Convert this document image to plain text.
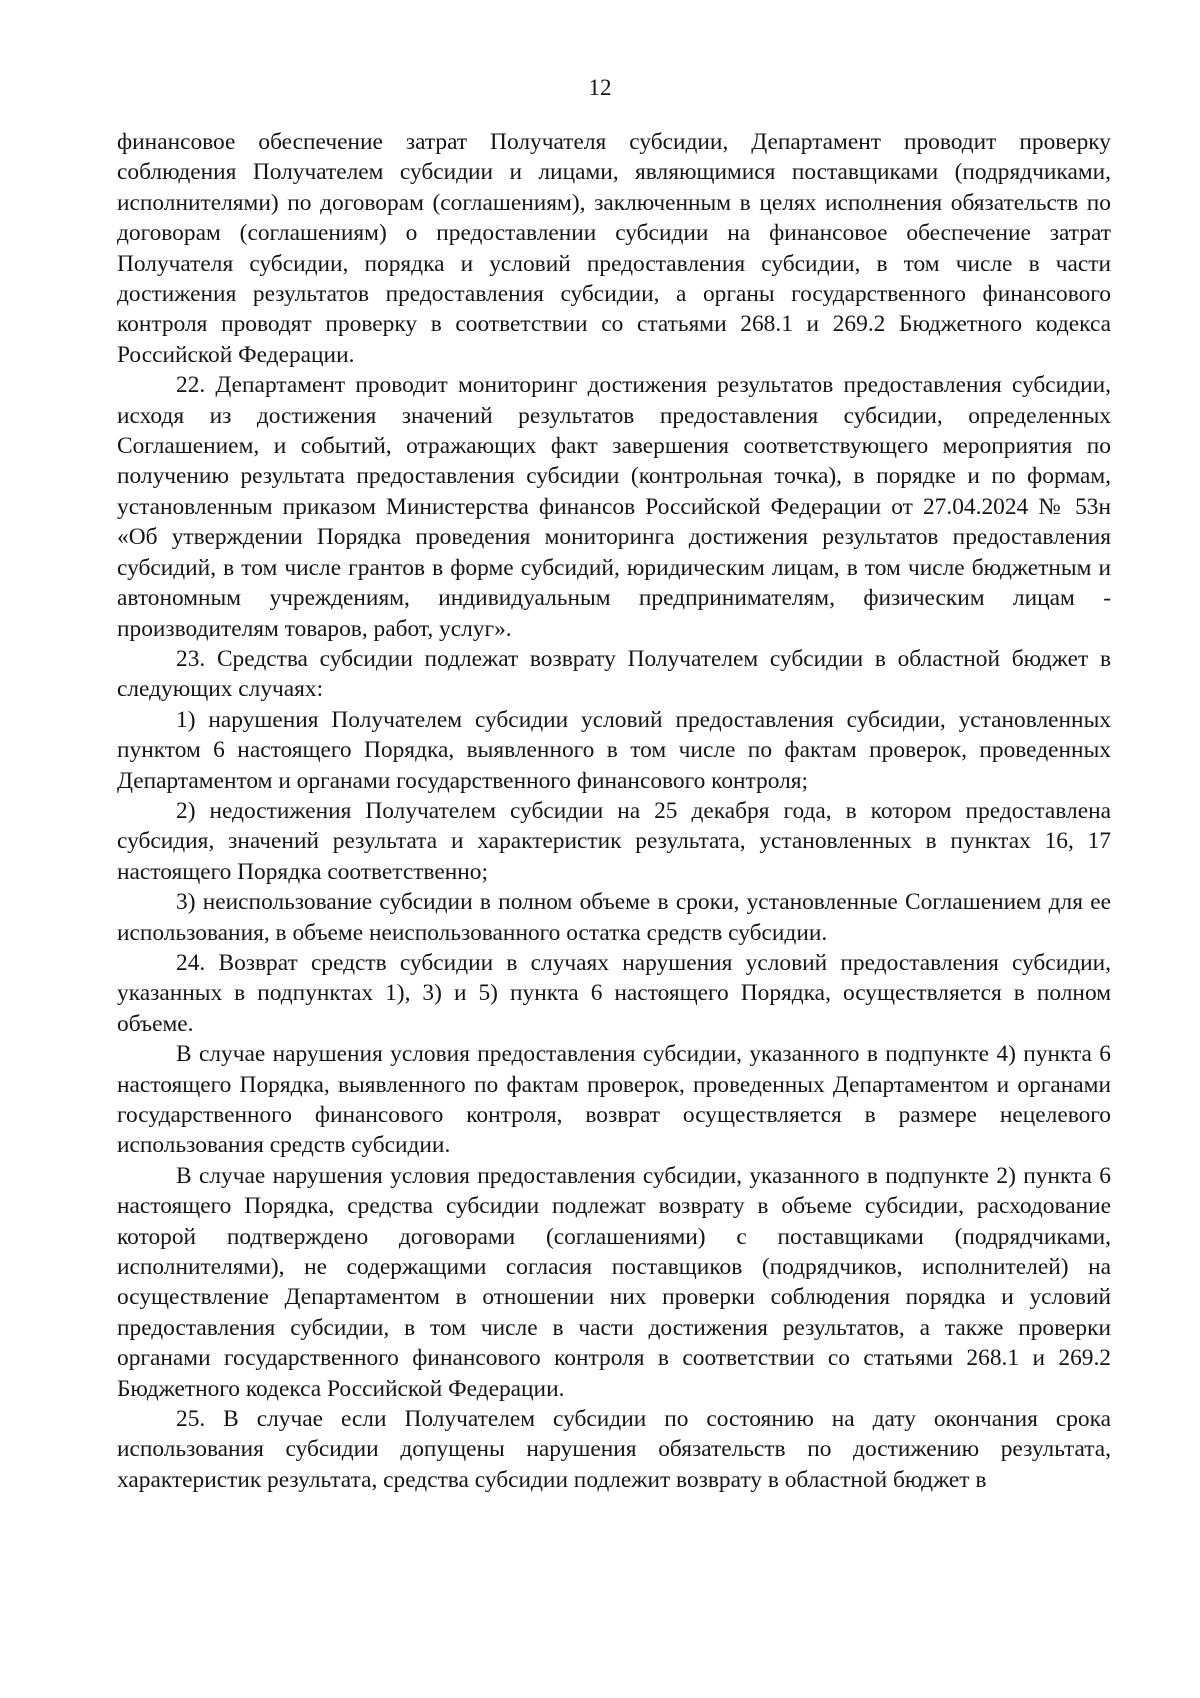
12

финансовое обеспечение затрат Получателя субсидии, Департамент проводит проверку соблюдения Получателем субсидии и лицами, являющимися поставщиками (подрядчиками, исполнителями) по договорам (соглашениям), заключенным в целях исполнения обязательств по договорам (соглашениям) о предоставлении субсидии на финансовое обеспечение затрат Получателя субсидии, порядка и условий предоставления субсидии, в том числе в части достижения результатов предоставления субсидии, а органы государственного финансового контроля проводят проверку в соответствии со статьями 268.1 и 269.2 Бюджетного кодекса Российской Федерации.

22. Департамент проводит мониторинг достижения результатов предоставления субсидии, исходя из достижения значений результатов предоставления субсидии, определенных Соглашением, и событий, отражающих факт завершения соответствующего мероприятия по получению результата предоставления субсидии (контрольная точка), в порядке и по формам, установленным приказом Министерства финансов Российской Федерации от 27.04.2024 № 53н «Об утверждении Порядка проведения мониторинга достижения результатов предоставления субсидий, в том числе грантов в форме субсидий, юридическим лицам, в том числе бюджетным и автономным учреждениям, индивидуальным предпринимателям, физическим лицам - производителям товаров, работ, услуг».

23. Средства субсидии подлежат возврату Получателем субсидии в областной бюджет в следующих случаях:

1) нарушения Получателем субсидии условий предоставления субсидии, установленных пунктом 6 настоящего Порядка, выявленного в том числе по фактам проверок, проведенных Департаментом и органами государственного финансового контроля;

2) недостижения Получателем субсидии на 25 декабря года, в котором предоставлена субсидия, значений результата и характеристик результата, установленных в пунктах 16, 17 настоящего Порядка соответственно;

3) неиспользование субсидии в полном объеме в сроки, установленные Соглашением для ее использования, в объеме неиспользованного остатка средств субсидии.

24. Возврат средств субсидии в случаях нарушения условий предоставления субсидии, указанных в подпунктах 1), 3) и 5) пункта 6 настоящего Порядка, осуществляется в полном объеме.

В случае нарушения условия предоставления субсидии, указанного в подпункте 4) пункта 6 настоящего Порядка, выявленного по фактам проверок, проведенных Департаментом и органами государственного финансового контроля, возврат осуществляется в размере нецелевого использования средств субсидии.

В случае нарушения условия предоставления субсидии, указанного в подпункте 2) пункта 6 настоящего Порядка, средства субсидии подлежат возврату в объеме субсидии, расходование которой подтверждено договорами (соглашениями) с поставщиками (подрядчиками, исполнителями), не содержащими согласия поставщиков (подрядчиков, исполнителей) на осуществление Департаментом в отношении них проверки соблюдения порядка и условий предоставления субсидии, в том числе в части достижения результатов, а также проверки органами государственного финансового контроля в соответствии со статьями 268.1 и 269.2 Бюджетного кодекса Российской Федерации.

25. В случае если Получателем субсидии по состоянию на дату окончания срока использования субсидии допущены нарушения обязательств по достижению результата, характеристик результата, средства субсидии подлежит возврату в областной бюджет в
